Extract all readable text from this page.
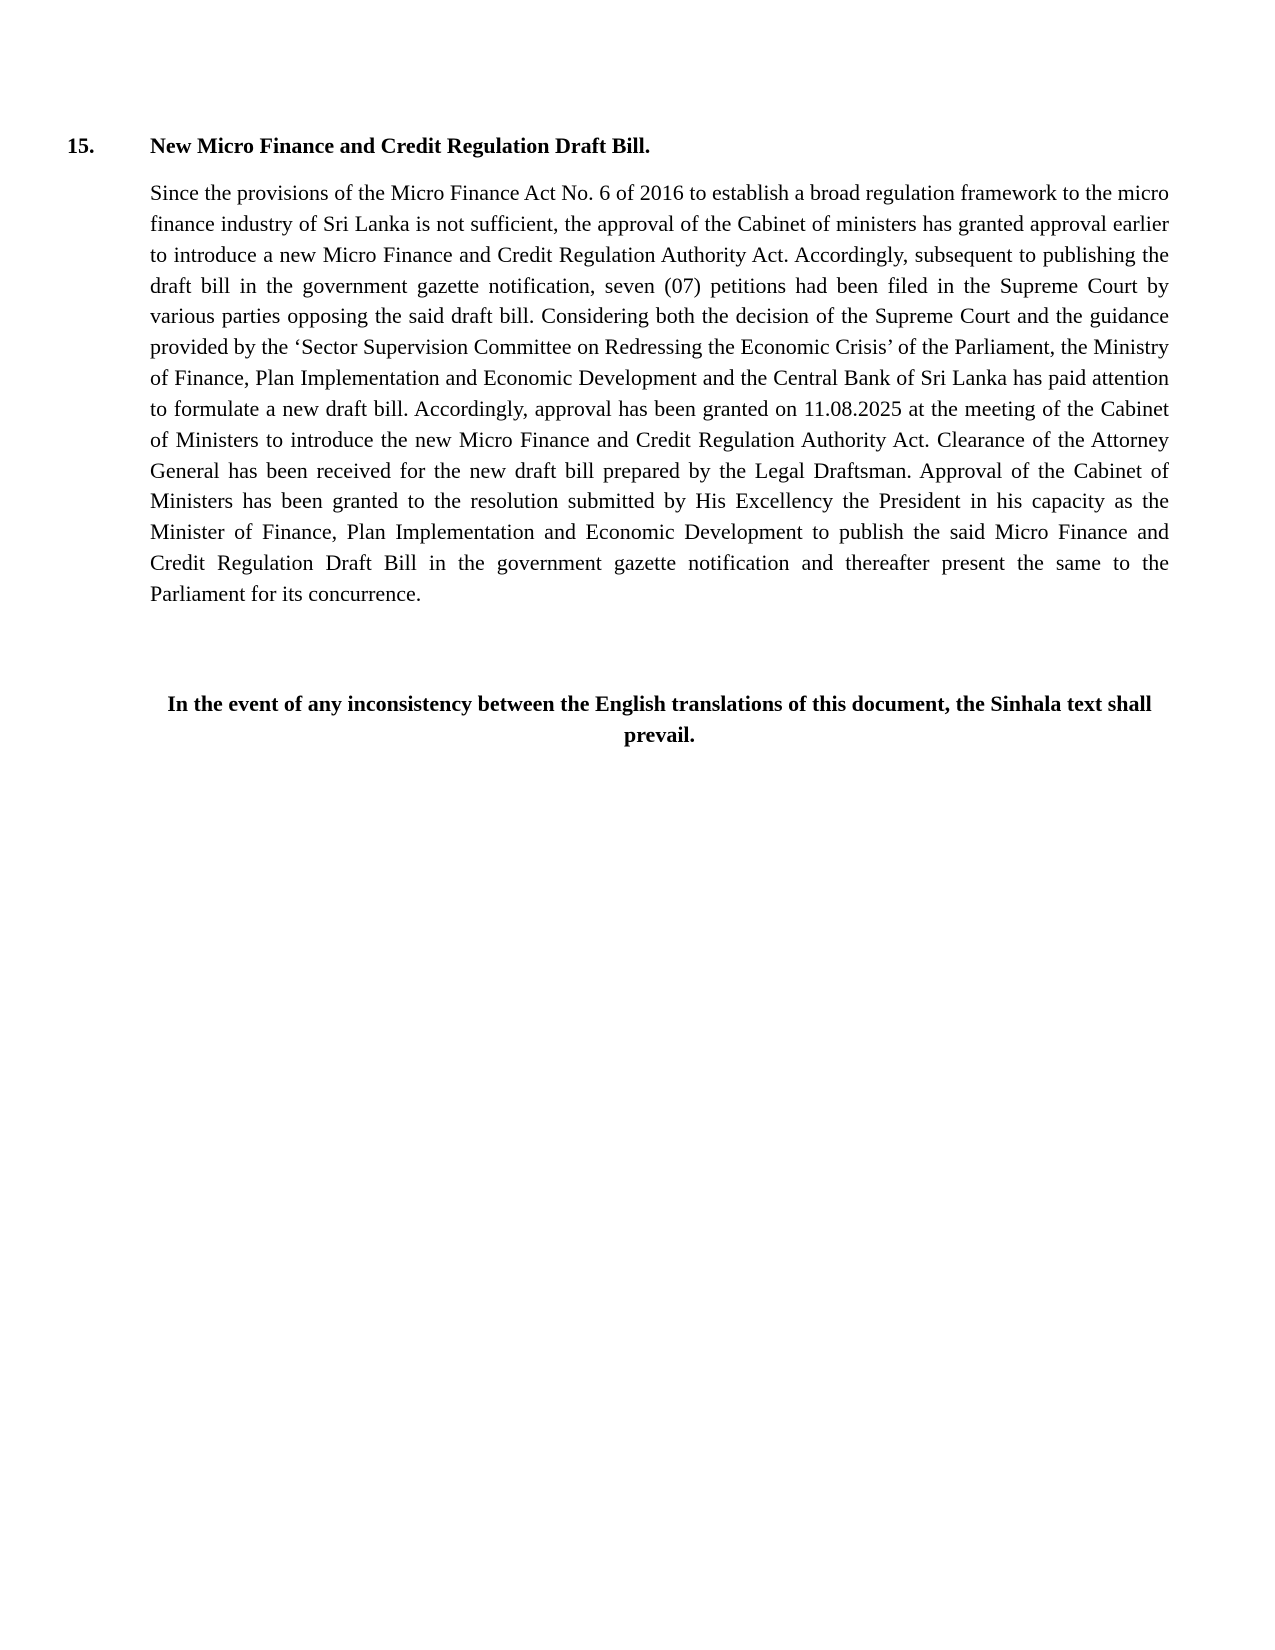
15.	New Micro Finance and Credit Regulation Draft Bill.

Since the provisions of the Micro Finance Act No. 6 of 2016 to establish a broad regulation framework to the micro finance industry of Sri Lanka is not sufficient, the approval of the Cabinet of ministers has granted approval earlier to introduce a new Micro Finance and Credit Regulation Authority Act. Accordingly, subsequent to publishing the draft bill in the government gazette notification, seven (07) petitions had been filed in the Supreme Court by various parties opposing the said draft bill. Considering both the decision of the Supreme Court and the guidance provided by the ‘Sector Supervision Committee on Redressing the Economic Crisis’ of the Parliament, the Ministry of Finance, Plan Implementation and Economic Development and the Central Bank of Sri Lanka has paid attention to formulate a new draft bill. Accordingly, approval has been granted on 11.08.2025 at the meeting of the Cabinet of Ministers to introduce the new Micro Finance and Credit Regulation Authority Act. Clearance of the Attorney General has been received for the new draft bill prepared by the Legal Draftsman. Approval of the Cabinet of Ministers has been granted to the resolution submitted by His Excellency the President in his capacity as the Minister of Finance, Plan Implementation and Economic Development to publish the said Micro Finance and Credit Regulation Draft Bill in the government gazette notification and thereafter present the same to the Parliament for its concurrence.

In the event of any inconsistency between the English translations of this document, the Sinhala text shall prevail.
